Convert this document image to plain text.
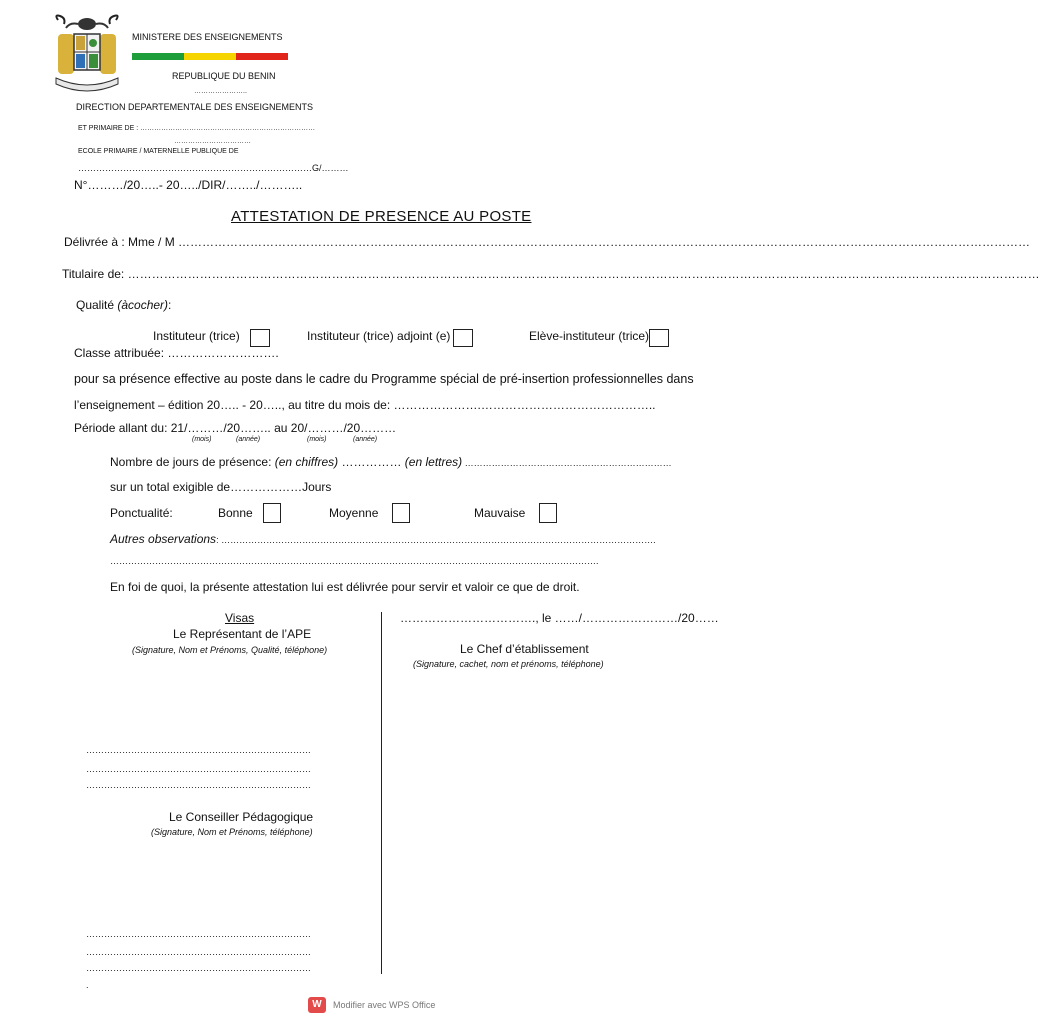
MINISTERE DES ENSEIGNEMENTS
REPUBLIQUE DU BENIN
…………………..
DIRECTION DEPARTEMENTALE DES ENSEIGNEMENTS
ET PRIMAIRE DE : …………………………………………………………………
……………………………
ECOLE PRIMAIRE / MATERNELLE PUBLIQUE DE
……………………………………………………………………G/………
N°………/20…..- 20…../DIR/……../………..
ATTESTATION DE PRESENCE AU POSTE
Délivrée à : Mme / M ……………………………………………………………………………………………………………………………………………………………………………………………
Titulaire de: …………………………………………………………………………………………………………………………………………………………………………………………………………
Qualité (àcocher):
Instituteur (trice)	Instituteur (trice) adjoint (e)	Elève-instituteur (trice)
Classe attribuée: ……………………….
pour sa présence effective au poste dans le cadre du Programme spécial de pré-insertion professionnelles dans
l’enseignement – édition 20….. - 20….., au titre du mois de: ………………….……………………………………..
Période allant du: 21/………/20…….. au 20/………/20………
(mois)	(année)	(mois)	(année)
Nombre de jours de présence: (en chiffres) …………… (en lettres) ……………………………………………………………
sur un total exigible de………………Jours
Ponctualité:	Bonne	Moyenne	Mauvaise
Autres observations: ……………………………………………………………………………………………………………………………….
……………………………………………………………………………………………………………………………………………….
En foi de quoi, la présente attestation lui est délivrée pour servir et valoir ce que de droit.
Visas
Le Représentant de l’APE
(Signature, Nom et Prénoms, Qualité, téléphone)
……………………………., le ……/……………………/20……
Le Chef d’établissement
(Signature, cachet, nom et prénoms, téléphone)
…………………………………………………………………
…………………………………………………………………
…………………………………………………………………
Le Conseiller Pédagogique
(Signature, Nom et Prénoms, téléphone)
…………………………………………………………………
…………………………………………………………………
…………………………………………………………………
.
W	Modifier avec WPS Office
